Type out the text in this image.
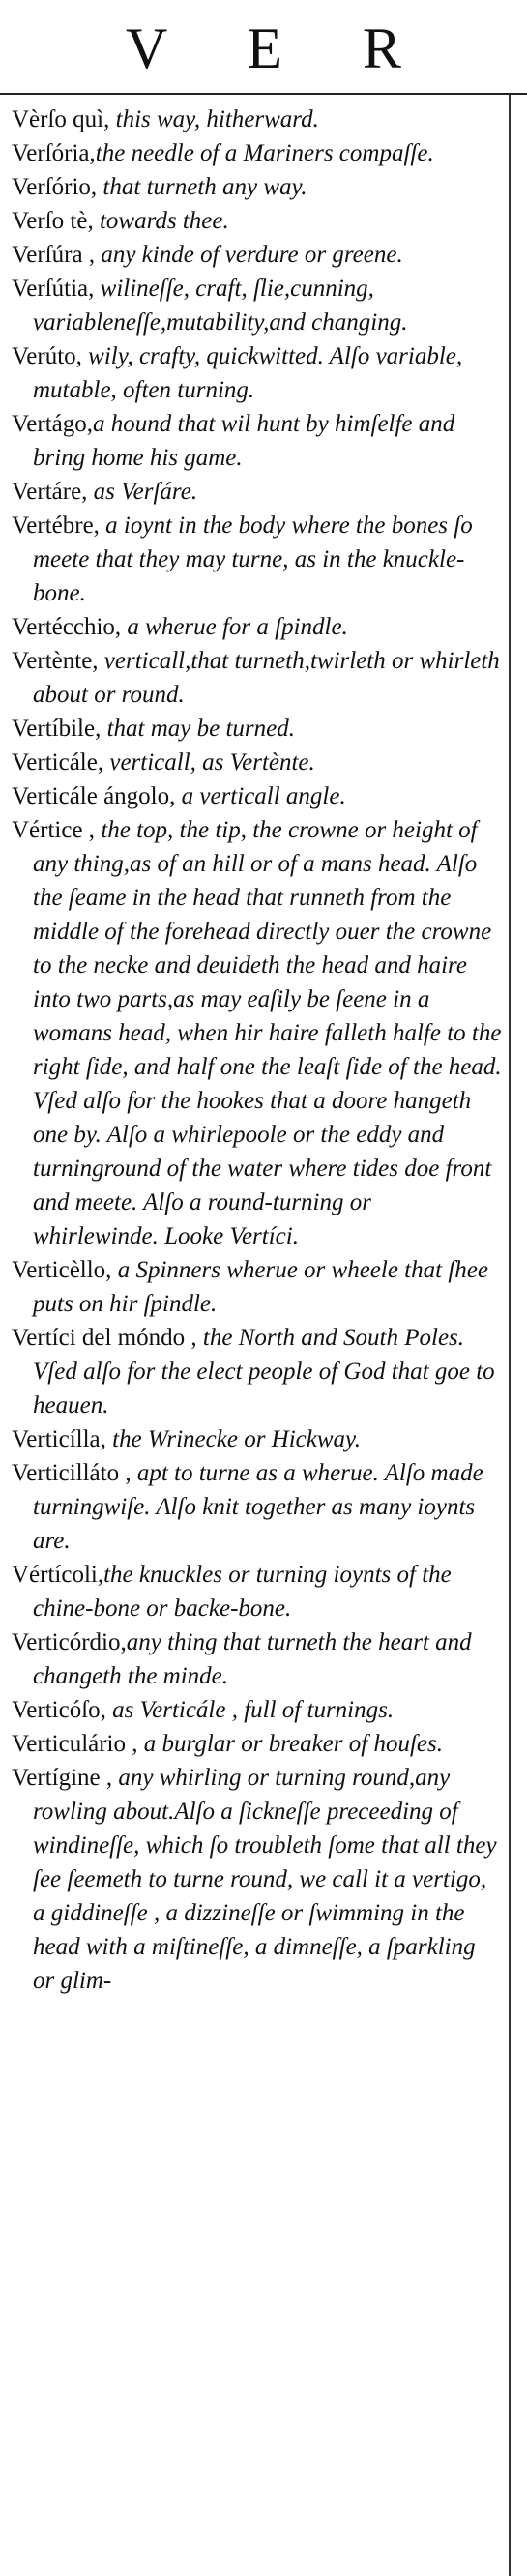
V E R

Vèrſo quì, this way, hitherward.

Verſória,the needle of a Mariners compaſſe.

Verſório, that turneth any way.

Verſo tè, towards thee.

Verſúra , any kinde of verdure or greene.

Verſútia, wilineſſe, craft, ſlie,cunning, variableneſſe,mutability,and changing.

Verúto, wily, crafty, quickwitted. Alſo variable, mutable, often turning.

Vertágo,a hound that wil hunt by himſelfe and bring home his game.

Vertáre, as Verſáre.

Vertébre, a ioynt in the body where the bones ſo meete that they may turne, as in the knuckle-bone.

Vertécchio, a wherue for a ſpindle.

Vertènte, verticall,that turneth,twirleth or whirleth about or round.

Vertíbile, that may be turned.

Verticále, verticall, as Vertènte.

Verticále ángolo, a verticall angle.

Vértice , the top, the tip, the crowne or height of any thing,as of an hill or of a mans head. Alſo the ſeame in the head that runneth from the middle of the forehead directly ouer the crowne to the necke and deuideth the head and haire into two parts,as may eaſily be ſeene in a womans head, when hir haire falleth halfe to the right ſide, and half one the leaſt ſide of the head. Vſed alſo for the hookes that a doore hangeth one by. Alſo a whirlepoole or the eddy and turninground of the water where tides doe front and meete. Alſo a round-turning or whirlewinde. Looke Vertíci.

Verticèllo, a Spinners wherue or wheele that ſhee puts on hir ſpindle.

Vertíci del móndo , the North and South Poles. Vſed alſo for the elect people of God that goe to heauen.

Verticílla, the Wrinecke or Hickway.

Verticilláto , apt to turne as a wherue. Alſo made turningwiſe. Alſo knit together as many ioynts are.

Vértícoli,the knuckles or turning ioynts of the chine-bone or backe-bone.

Verticórdio,any thing that turneth the heart and changeth the minde.

Verticóſo, as Verticále , full of turnings.

Verticulário , a burglar or breaker of houſes.

Vertígine , any whirling or turning round,any rowling about.Alſo a ſickneſſe preceeding of windineſſe, which ſo troubleth ſome that all they ſee ſeemeth to turne round, we call it a vertigo, a giddineſſe , a dizzineſſe or ſwimming in the head with a miſtineſſe, a dimneſſe, a ſparkling or glim-
